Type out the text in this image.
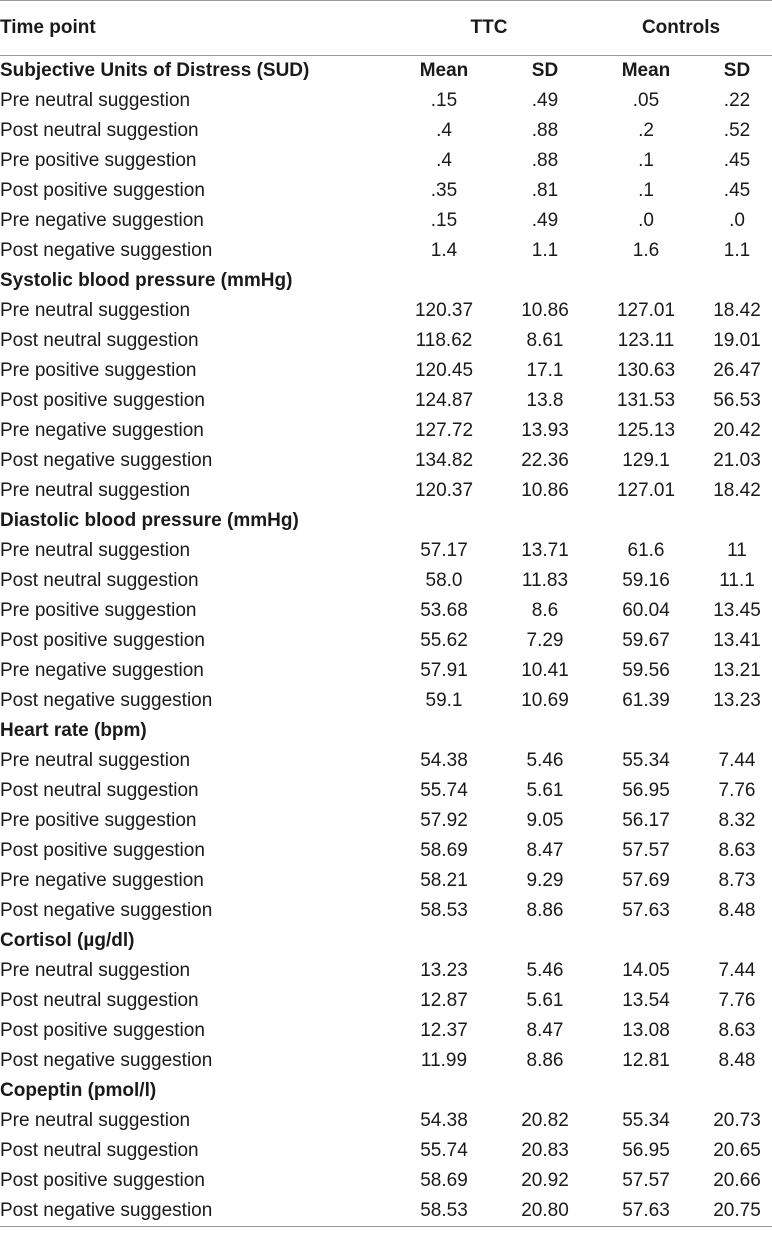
Time point	TTC		Controls	
Subjective Units of Distress (SUD)	Mean	SD	Mean	SD
Pre neutral suggestion	.15	.49	.05	.22
Post neutral suggestion	.4	.88	.2	.52
Pre positive suggestion	.4	.88	.1	.45
Post positive suggestion	.35	.81	.1	.45
Pre negative suggestion	.15	.49	.0	.0
Post negative suggestion	1.4	1.1	1.6	1.1
Systolic blood pressure (mmHg)				
Pre neutral suggestion	120.37	10.86	127.01	18.42
Post neutral suggestion	118.62	8.61	123.11	19.01
Pre positive suggestion	120.45	17.1	130.63	26.47
Post positive suggestion	124.87	13.8	131.53	56.53
Pre negative suggestion	127.72	13.93	125.13	20.42
Post negative suggestion	134.82	22.36	129.1	21.03
Pre neutral suggestion	120.37	10.86	127.01	18.42
Diastolic blood pressure (mmHg)				
Pre neutral suggestion	57.17	13.71	61.6	11
Post neutral suggestion	58.0	11.83	59.16	11.1
Pre positive suggestion	53.68	8.6	60.04	13.45
Post positive suggestion	55.62	7.29	59.67	13.41
Pre negative suggestion	57.91	10.41	59.56	13.21
Post negative suggestion	59.1	10.69	61.39	13.23
Heart rate (bpm)				
Pre neutral suggestion	54.38	5.46	55.34	7.44
Post neutral suggestion	55.74	5.61	56.95	7.76
Pre positive suggestion	57.92	9.05	56.17	8.32
Post positive suggestion	58.69	8.47	57.57	8.63
Pre negative suggestion	58.21	9.29	57.69	8.73
Post negative suggestion	58.53	8.86	57.63	8.48
Cortisol (µg/dl)				
Pre neutral suggestion	13.23	5.46	14.05	7.44
Post neutral suggestion	12.87	5.61	13.54	7.76
Post positive suggestion	12.37	8.47	13.08	8.63
Post negative suggestion	11.99	8.86	12.81	8.48
Copeptin (pmol/l)				
Pre neutral suggestion	54.38	20.82	55.34	20.73
Post neutral suggestion	55.74	20.83	56.95	20.65
Post positive suggestion	58.69	20.92	57.57	20.66
Post negative suggestion	58.53	20.80	57.63	20.75
